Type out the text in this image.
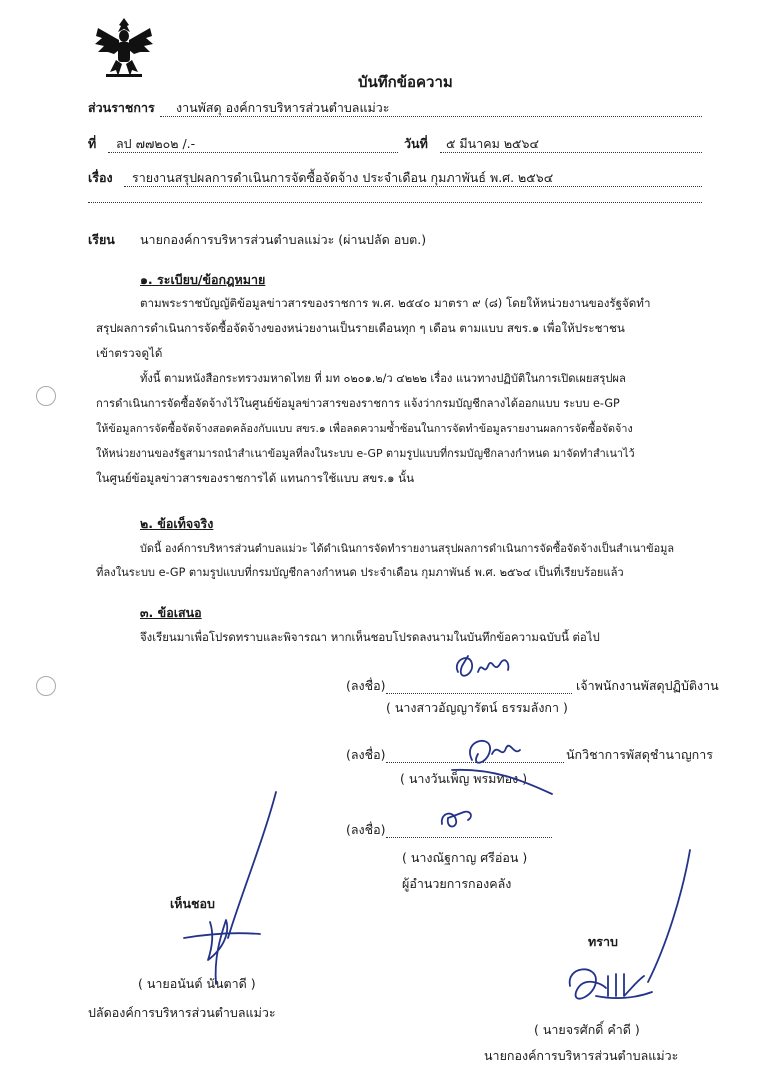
บันทึกข้อความ
ส่วนราชการ งานพัสดุ องค์การบริหารส่วนตำบลแม่วะ
ที่ ลป ๗๗๒๐๒ /.-	วันที่ ๕ มีนาคม ๒๕๖๔
เรื่อง รายงานสรุปผลการดำเนินการจัดซื้อจัดจ้าง ประจำเดือน กุมภาพันธ์ พ.ศ. ๒๕๖๔
เรียน นายกองค์การบริหารส่วนตำบลแม่วะ (ผ่านปลัด อบต.)
๑. ระเบียบ/ข้อกฎหมาย
ตามพระราชบัญญัติข้อมูลข่าวสารของราชการ พ.ศ. ๒๕๔๐ มาตรา ๙ (๘) โดยให้หน่วยงานของรัฐจัดทำ
สรุปผลการดำเนินการจัดซื้อจัดจ้างของหน่วยงานเป็นรายเดือนทุก ๆ เดือน ตามแบบ สขร.๑ เพื่อให้ประชาชน
เข้าตรวจดูได้
ทั้งนี้ ตามหนังสือกระทรวงมหาดไทย ที่ มท ๐๒๐๑.๒/ว ๔๒๒๒ เรื่อง แนวทางปฏิบัติในการเปิดเผยสรุปผล
การดำเนินการจัดซื้อจัดจ้างไว้ในศูนย์ข้อมูลข่าวสารของราชการ แจ้งว่ากรมบัญชีกลางได้ออกแบบ ระบบ e-GP
ให้ข้อมูลการจัดซื้อจัดจ้างสอดคล้องกับแบบ สขร.๑ เพื่อลดความซ้ำซ้อนในการจัดทำข้อมูลรายงานผลการจัดซื้อจัดจ้าง
ให้หน่วยงานของรัฐสามารถนำสำเนาข้อมูลที่ลงในระบบ e-GP ตามรูปแบบที่กรมบัญชีกลางกำหนด มาจัดทำสำเนาไว้
ในศูนย์ข้อมูลข่าวสารของราชการได้ แทนการใช้แบบ สขร.๑ นั้น
๒. ข้อเท็จจริง
บัดนี้ องค์การบริหารส่วนตำบลแม่วะ ได้ดำเนินการจัดทำรายงานสรุปผลการดำเนินการจัดซื้อจัดจ้างเป็นสำเนาข้อมูล
ที่ลงในระบบ e-GP ตามรูปแบบที่กรมบัญชีกลางกำหนด ประจำเดือน กุมภาพันธ์ พ.ศ. ๒๕๖๔ เป็นที่เรียบร้อยแล้ว
๓. ข้อเสนอ
จึงเรียนมาเพื่อโปรดทราบและพิจารณา หากเห็นชอบโปรดลงนามในบันทึกข้อความฉบับนี้ ต่อไป
(ลงชื่อ)	เจ้าพนักงานพัสดุปฏิบัติงาน
( นางสาวอัญญารัตน์ ธรรมลังกา )
(ลงชื่อ)	นักวิชาการพัสดุชำนาญการ
( นางวันเพ็ญ พรมทอง )
(ลงชื่อ)
( นางณัฐกาญ ศรีอ่อน )
ผู้อำนวยการกองคลัง
เห็นชอบ
( นายอนันต์ นันตาดี )
ปลัดองค์การบริหารส่วนตำบลแม่วะ
ทราบ
( นายจรศักดิ์ คำดี )
นายกองค์การบริหารส่วนตำบลแม่วะ
